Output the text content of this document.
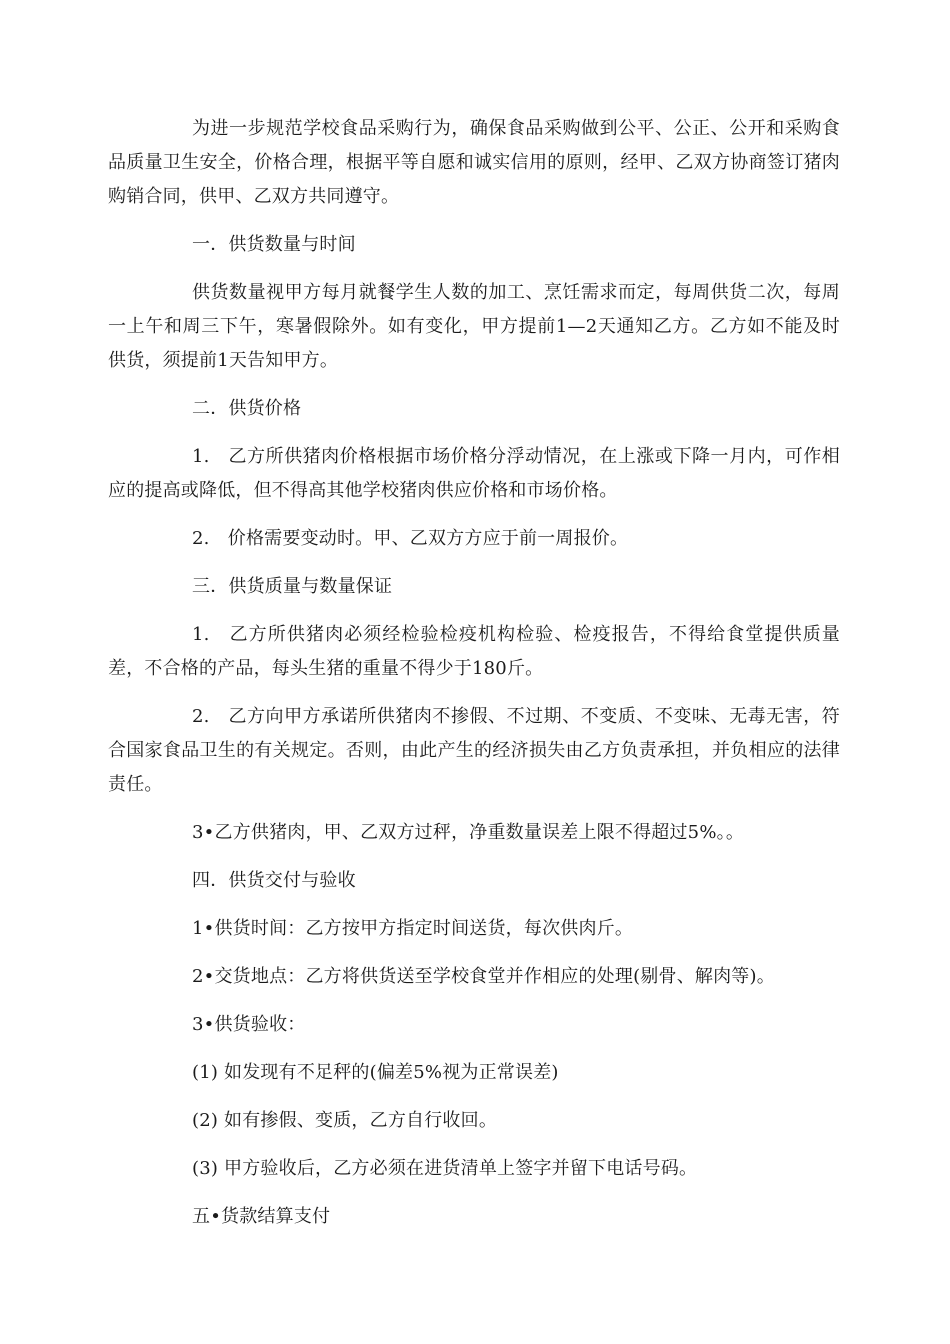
为进一步规范学校食品采购行为，确保食品采购做到公平、公正、公开和采购食品质量卫生安全，价格合理，根据平等自愿和诚实信用的原则，经甲、乙双方协商签订猪肉购销合同，供甲、乙双方共同遵守。

一．供货数量与时间

供货数量视甲方每月就餐学生人数的加工、烹饪需求而定，每周供货二次，每周一上午和周三下午，寒暑假除外。如有变化，甲方提前1—2天通知乙方。乙方如不能及时供货，须提前1天告知甲方。

二．供货价格

1.　乙方所供猪肉价格根据市场价格分浮动情况，在上涨或下降一月内，可作相应的提高或降低，但不得高其他学校猪肉供应价格和市场价格。

2.　价格需要变动时。甲、乙双方方应于前一周报价。

三．供货质量与数量保证

1.　乙方所供猪肉必须经检验检疫机构检验、检疫报告，不得给食堂提供质量差，不合格的产品，每头生猪的重量不得少于180斤。

2.　乙方向甲方承诺所供猪肉不掺假、不过期、不变质、不变味、无毒无害，符合国家食品卫生的有关规定。否则，由此产生的经济损失由乙方负责承担，并负相应的法律责任。

3•乙方供猪肉，甲、乙双方过秤，净重数量误差上限不得超过5%。。

四．供货交付与验收

1•供货时间：乙方按甲方指定时间送货，每次供肉斤。

2•交货地点：乙方将供货送至学校食堂并作相应的处理(剔骨、解肉等)。

3•供货验收：

(1) 如发现有不足秤的(偏差5%视为正常误差)

(2) 如有掺假、变质，乙方自行收回。

(3) 甲方验收后，乙方必须在进货清单上签字并留下电话号码。

五•货款结算支付
